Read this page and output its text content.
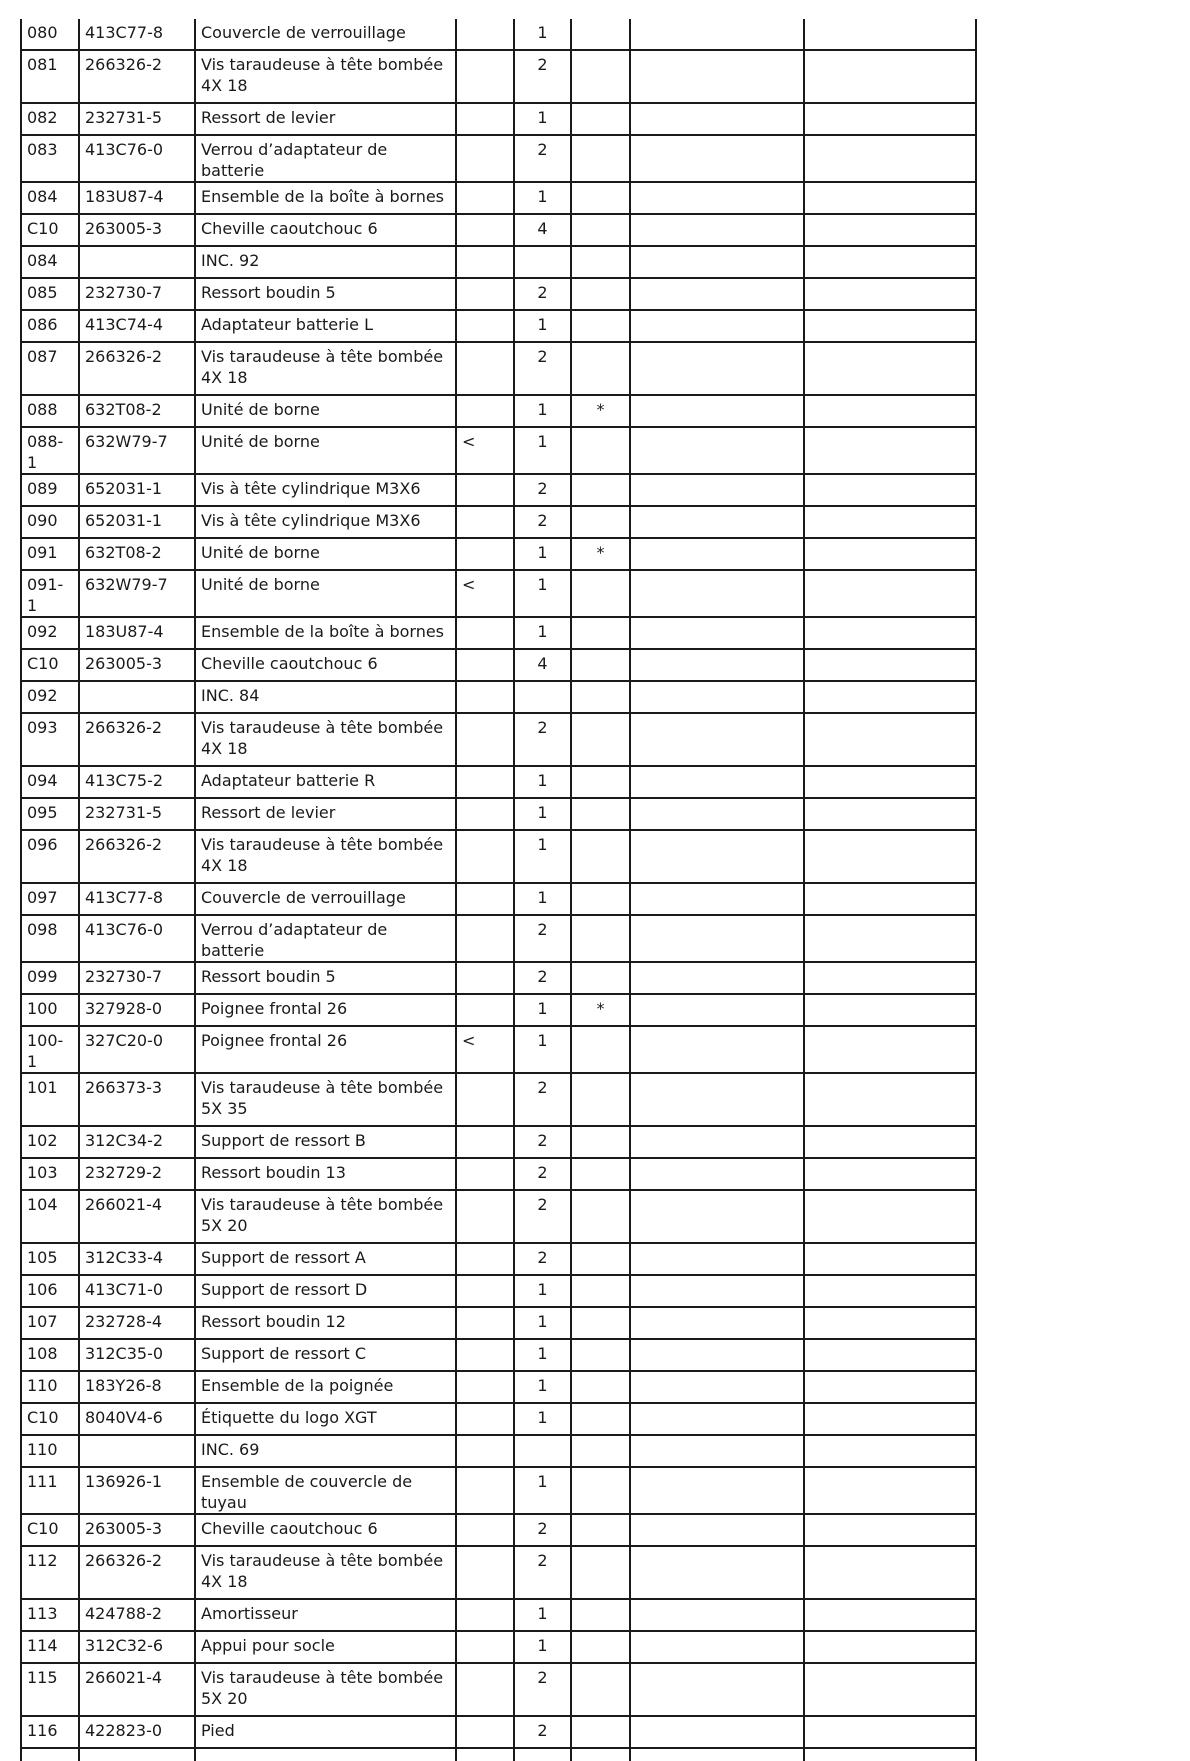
080	413C77-8	Couvercle de verrouillage		1			
081	266326-2	Vis taraudeuse à tête bombée 4X 18		2			
082	232731-5	Ressort de levier		1			
083	413C76-0	Verrou d’adaptateur de batterie		2			
084	183U87-4	Ensemble de la boîte à bornes		1			
C10	263005-3	Cheville caoutchouc 6		4			
084		INC. 92					
085	232730-7	Ressort boudin 5		2			
086	413C74-4	Adaptateur batterie L		1			
087	266326-2	Vis taraudeuse à tête bombée 4X 18		2			
088	632T08-2	Unité de borne		1	*		
088-1	632W79-7	Unité de borne	<	1			
089	652031-1	Vis à tête cylindrique M3X6		2			
090	652031-1	Vis à tête cylindrique M3X6		2			
091	632T08-2	Unité de borne		1	*		
091-1	632W79-7	Unité de borne	<	1			
092	183U87-4	Ensemble de la boîte à bornes		1			
C10	263005-3	Cheville caoutchouc 6		4			
092		INC. 84					
093	266326-2	Vis taraudeuse à tête bombée 4X 18		2			
094	413C75-2	Adaptateur batterie R		1			
095	232731-5	Ressort de levier		1			
096	266326-2	Vis taraudeuse à tête bombée 4X 18		1			
097	413C77-8	Couvercle de verrouillage		1			
098	413C76-0	Verrou d’adaptateur de batterie		2			
099	232730-7	Ressort boudin 5		2			
100	327928-0	Poignee frontal 26		1	*		
100-1	327C20-0	Poignee frontal 26	<	1			
101	266373-3	Vis taraudeuse à tête bombée 5X 35		2			
102	312C34-2	Support de ressort B		2			
103	232729-2	Ressort boudin 13		2			
104	266021-4	Vis taraudeuse à tête bombée 5X 20		2			
105	312C33-4	Support de ressort A		2			
106	413C71-0	Support de ressort D		1			
107	232728-4	Ressort boudin 12		1			
108	312C35-0	Support de ressort C		1			
110	183Y26-8	Ensemble de la poignée		1			
C10	8040V4-6	Étiquette du logo XGT		1			
110		INC. 69					
111	136926-1	Ensemble de couvercle de tuyau		1			
C10	263005-3	Cheville caoutchouc 6		2			
112	266326-2	Vis taraudeuse à tête bombée 4X 18		2			
113	424788-2	Amortisseur		1			
114	312C32-6	Appui pour socle		1			
115	266021-4	Vis taraudeuse à tête bombée 5X 20		2			
116	422823-0	Pied		2			
